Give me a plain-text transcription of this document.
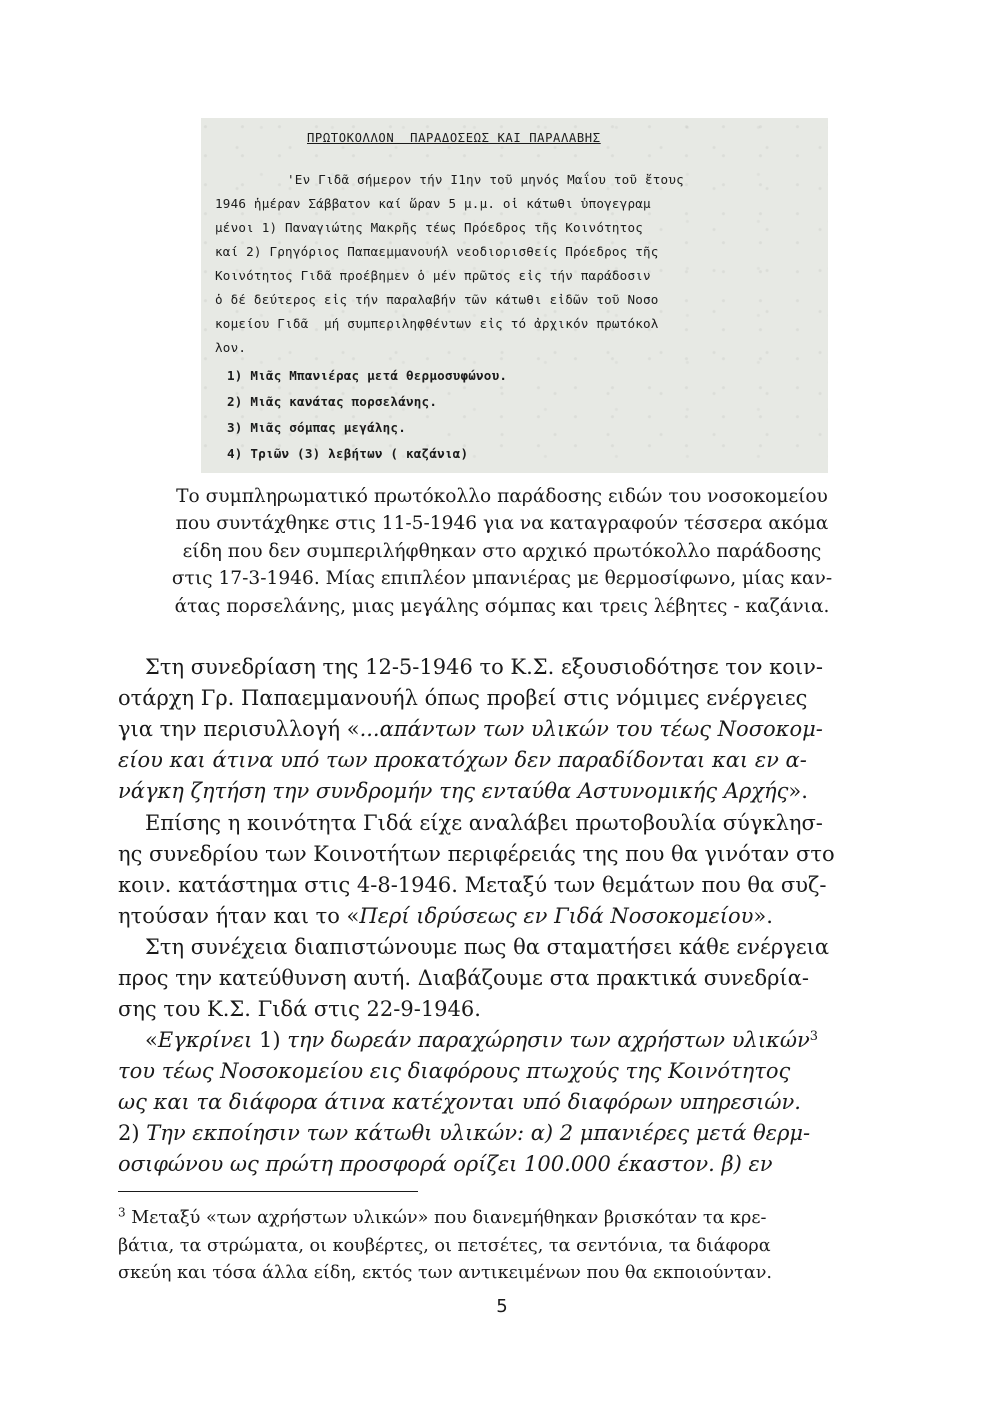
ΠΡΩΤΟΚΟΛΛΟΝ  ΠΑΡΑΔΟΣΕΩΣ ΚΑΙ ΠΑΡΑΛΑΒΗΣ
'Εν Γιδᾶ σήμερον τήν Ι1ην τοῦ μηνός Μαΐου τοῦ ἔτους
1946 ἡμέραν Σάββατον καί ὥραν 5 μ.μ. οἱ κάτωθι ὑπογεγραμ
μένοι 1) Παναγιώτης Μακρῆς τέως Πρόεδρος τῆς Κοινότητος
καί 2) Γρηγόριος Παπαεμμανουήλ νεοδιορισθείς Πρόεδρος τῆς
Κοινότητος Γιδᾶ προέβημεν ὁ μέν πρῶτος εἰς τήν παράδοσιν
ὁ δέ δεύτερος εἰς τήν παραλαβήν τῶν κάτωθι εἰδῶν τοῦ Νοσο
κομείου Γιδᾶ  μή συμπεριληφθέντων εἰς τό ἀρχικόν πρωτόκολ
λον.
1) Μιᾶς Μπανιέρας μετά θερμοσυφώνου.
2) Μιᾶς κανάτας πορσελάνης.
3) Μιᾶς σόμπας μεγάλης.
4) Τριῶν (3) λεβήτων ( καζάνια)
Το συμπληρωματικό πρωτόκολλο παράδοσης ειδών του νοσοκομείου
που συντάχθηκε στις 11-5-1946 για να καταγραφούν τέσσερα ακόμα
είδη που δεν συμπεριλήφθηκαν στο αρχικό πρωτόκολλο παράδοσης
στις 17-3-1946. Μίας επιπλέον μπανιέρας με θερμοσίφωνο, μίας καν-
άτας πορσελάνης, μιας μεγάλης σόμπας και τρεις λέβητες - καζάνια.
Στη συνεδρίαση της 12-5-1946 το Κ.Σ. εξουσιοδότησε τον κοιν-
οτάρχη Γρ. Παπαεμμανουήλ όπως προβεί στις νόμιμες ενέργειες
για την περισυλλογή «...απάντων των υλικών του τέως Νοσοκομ-
είου και άτινα υπό των προκατόχων δεν παραδίδονται και εν α-
νάγκη ζητήση την συνδρομήν της ενταύθα Αστυνομικής Αρχής».
Επίσης η κοινότητα Γιδά είχε αναλάβει πρωτοβουλία σύγκλησ-
ης συνεδρίου των Κοινοτήτων περιφέρειάς της που θα γινόταν στο
κοιν. κατάστημα στις 4-8-1946. Μεταξύ των θεμάτων που θα συζ-
ητούσαν ήταν και το «Περί ιδρύσεως εν Γιδά Νοσοκομείου».
Στη συνέχεια διαπιστώνουμε πως θα σταματήσει κάθε ενέργεια
προς την κατεύθυνση αυτή. Διαβάζουμε στα πρακτικά συνεδρία-
σης του Κ.Σ. Γιδά στις 22-9-1946.
«Εγκρίνει 1) την δωρεάν παραχώρησιν των αχρήστων υλικών$^3$
του τέως Νοσοκομείου εις διαφόρους πτωχούς της Κοινότητος
ως και τα διάφορα άτινα κατέχονται υπό διαφόρων υπηρεσιών.
2) Την εκποίησιν των κάτωθι υλικών: α) 2 μπανιέρες μετά θερμ-
οσιφώνου ως πρώτη προσφορά ορίζει 100.000 έκαστον. β) εν
$^3$ Μεταξύ «των αχρήστων υλικών» που διανεμήθηκαν βρισκόταν τα κρε-
βάτια, τα στρώματα, οι κουβέρτες, οι πετσέτες, τα σεντόνια, τα διάφορα
σκεύη και τόσα άλλα είδη, εκτός των αντικειμένων που θα εκποιούνταν.
5
